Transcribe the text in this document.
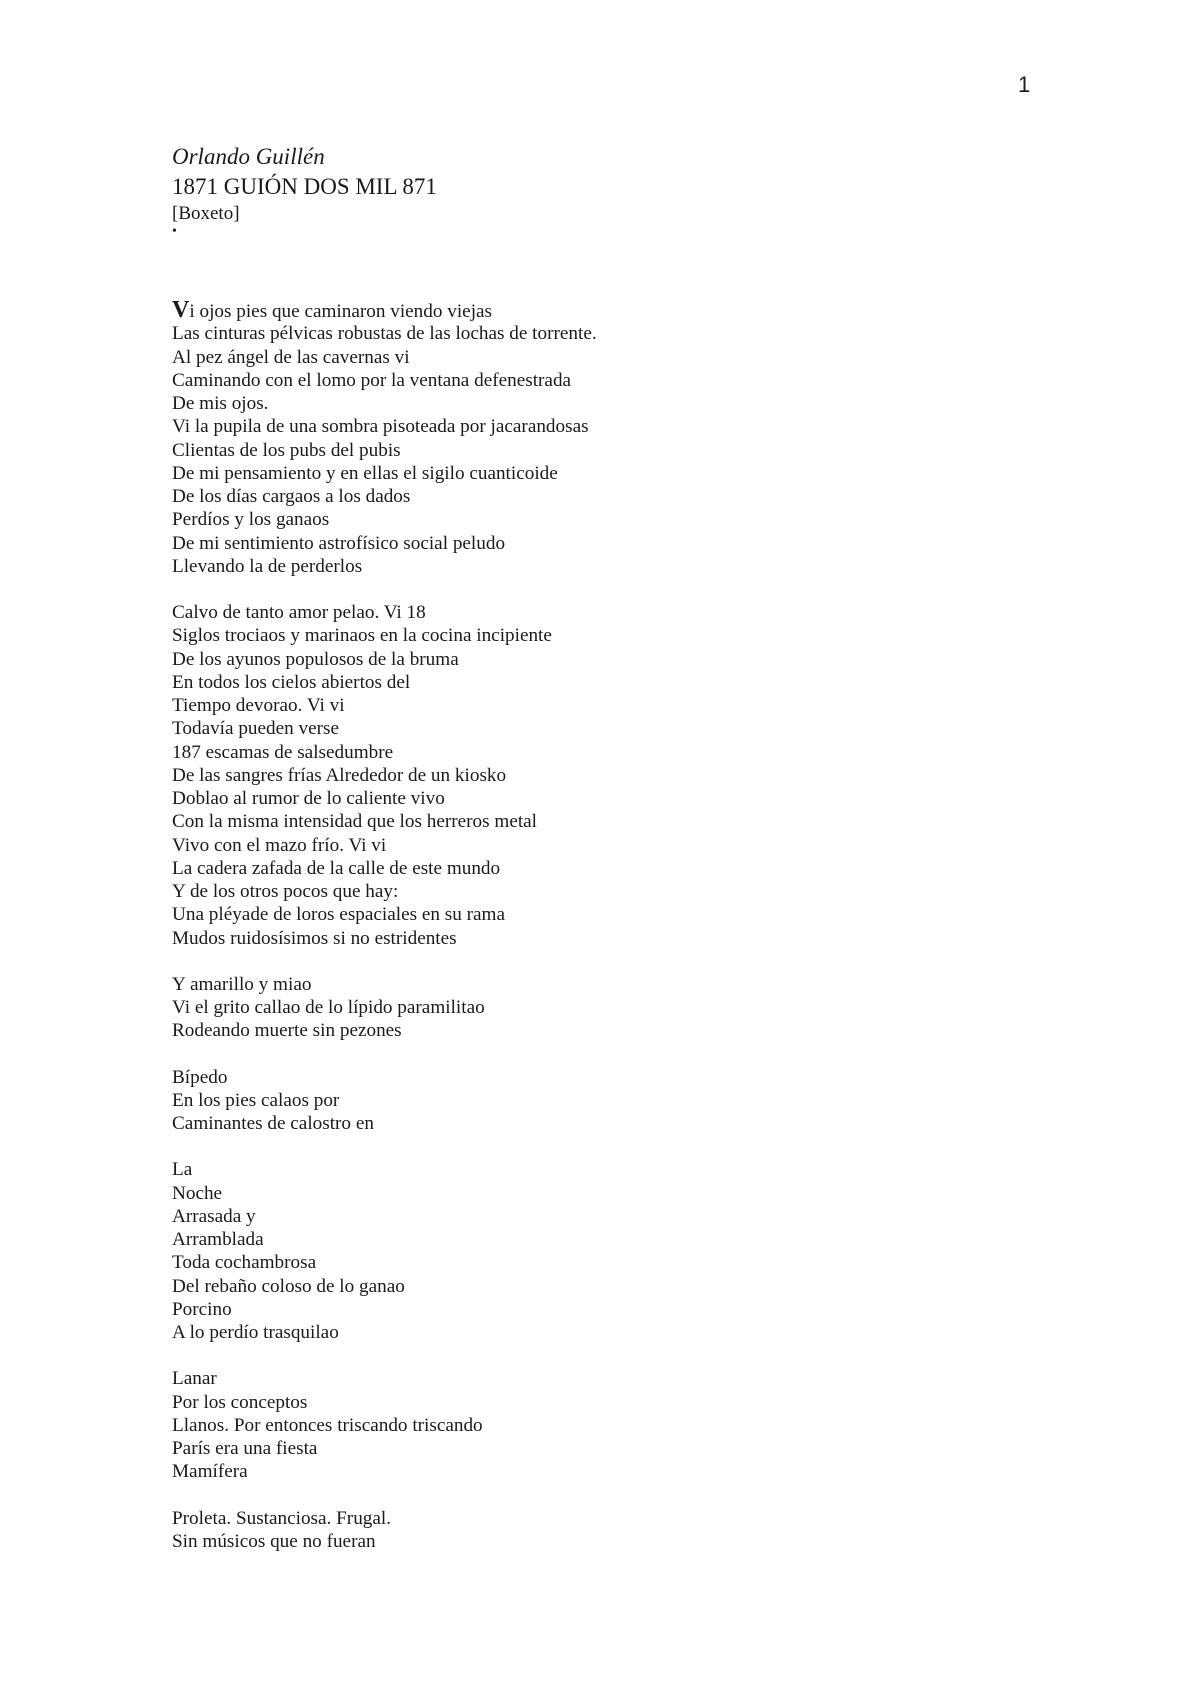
1
Orlando Guillén
1871 GUIÓN DOS MIL 871
[Boxeto]
•
Vi ojos pies que caminaron viendo viejas
Las cinturas pélvicas robustas de las lochas de torrente.
Al pez ángel de las cavernas vi
Caminando con el lomo por la ventana defenestrada
De mis ojos.
Vi la pupila de una sombra pisoteada por jacarandosas
Clientas de los pubs del pubis
De mi pensamiento y en ellas el sigilo cuanticoide
De los días cargaos a los dados
Perdíos y los ganaos
De mi sentimiento astrofísico social peludo
Llevando la de perderlos
Calvo de tanto amor pelao. Vi 18
Siglos trociaos y marinaos en la cocina incipiente
De los ayunos populosos de la bruma
En todos los cielos abiertos del
Tiempo devorao. Vi vi
Todavía pueden verse
187 escamas de salsedumbre
De las sangres frías Alrededor de un kiosko
Doblao al rumor de lo caliente vivo
Con la misma intensidad que los herreros metal
Vivo con el mazo frío. Vi vi
La cadera zafada de la calle de este mundo
Y de los otros pocos que hay:
Una pléyade de loros espaciales en su rama
Mudos ruidosísimos si no estridentes
Y amarillo y miao
Vi el grito callao de lo lípido paramilitao
Rodeando muerte sin pezones
Bípedo
En los pies calaos por
Caminantes de calostro en
La
Noche
Arrasada y
Arramblada
Toda cochambrosa
Del rebaño coloso de lo ganao
Porcino
A lo perdío trasquilao
Lanar
Por los conceptos
Llanos. Por entonces triscando triscando
París era una fiesta
Mamífera
Proleta. Sustanciosa. Frugal.
Sin músicos que no fueran
